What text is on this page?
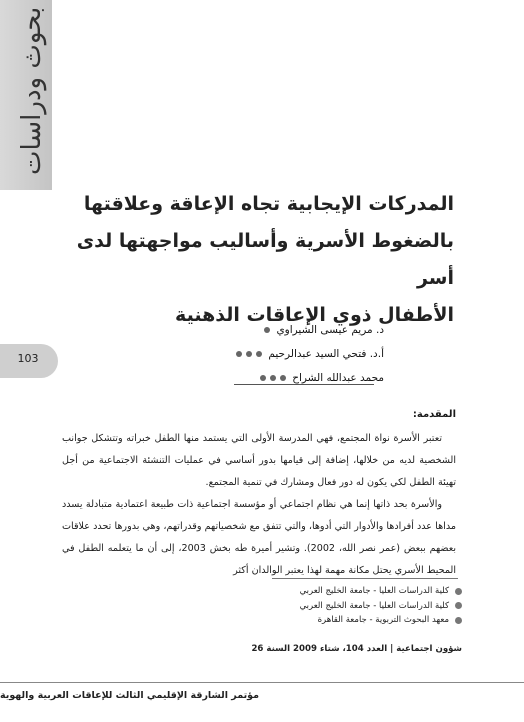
بحوث ودراسات
103
المدركات الإيجابية تجاه الإعاقة وعلاقتها
بالضغوط الأسرية وأساليب مواجهتها لدى أسر
الأطفال ذوي الإعاقات الذهنية
د. مريم عيسى الشيراوي
أ.د. فتحي السيد عبدالرحيم
محمد عبدالله الشراح
المقدمة:

تعتبر الأسرة نواة المجتمع، فهي المدرسة الأولى التي يستمد منها الطفل خبراته وتتشكل جوانب الشخصية لديه من خلالها، إضافة إلى قيامها بدور أساسي في عمليات التنشئة الاجتماعية من أجل تهيئة الطفل لكي يكون له دور فعال ومشارك في تنمية المجتمع.

والأسرة بحد ذاتها إنما هي نظام اجتماعي أو مؤسسة اجتماعية ذات طبيعة اعتمادية متبادلة يسدد مداها عدد أفرادها والأدوار التي أدوها، والتي تتفق مع شخصياتهم وقدراتهم، وهي بدورها تحدد علاقات بعضهم ببعض (عمر نصر الله، 2002). وتشير أميرة طه بخش 2003، إلى أن ما يتعلمه الطفل في المحيط الأسري يحتل مكانة مهمة لهذا يعتبر الوالدان أكثر

كلية الدراسات العليا - جامعة الخليج العربي
كلية الدراسات العليا - جامعة الخليج العربي
معهد البحوث التربوية - جامعة القاهرة
شؤون اجتماعية | العدد 104، شتاء 2009 السنة 26
مؤتمر الشارقة الإقليمي الثالث للإعاقات العربية والهوية
